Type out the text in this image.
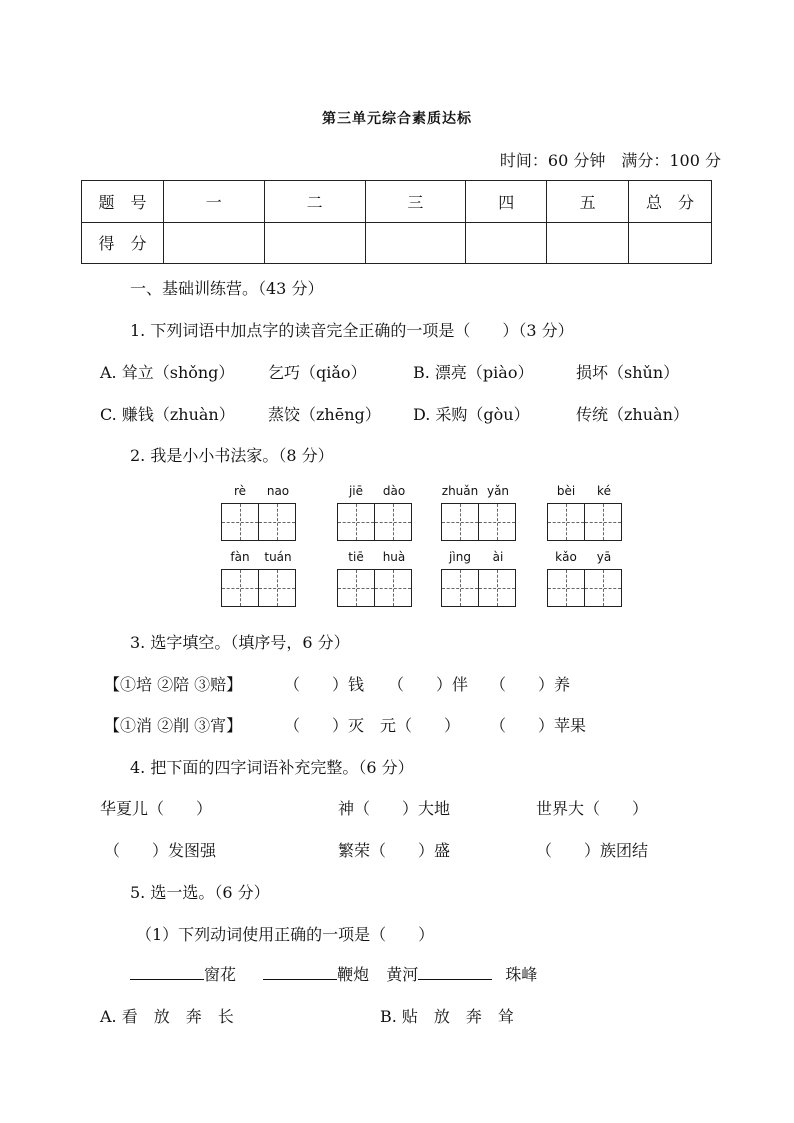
第三单元综合素质达标
时间：60 分钟　满分：100 分
题　号	一	二	三	四	五	总　分
得　分						
一、基础训练营。（43 分）
1. 下列词语中加点字的读音完全正确的一项是（　　）（3 分）
A. 耸立（shǒng） 乞巧（qiǎo）	B. 漂亮（piào）	损坏（shǔn）
C. 赚钱（zhuàn） 蒸饺（zhēng） D. 采购（gòu）	传统（zhuàn）
2. 我是小小书法家。（8 分）
rè	nao	jiē	dào	zhuǎn yǎn	bèi	ké
fàn	tuán	tiē	huà	jìng	ài	kǎo	yā
3. 选字填空。（填序号，6 分）
【①培 ②陪 ③赔】	（　　）钱 （　　）伴 （　　）养
【①消 ②削 ③宵】	（　　）灭 元（　　） （　　）苹果
4. 把下面的四字词语补充完整。（6 分）
华夏儿（　　）	神（　　）大地	世界大（　　）
（　　）发图强	繁荣（　　）盛	（　　）族团结
5. 选一选。（6 分）
（1）下列动词使用正确的一项是（　　）
窗花	鞭炮 黄河	珠峰
A. 看　放　奔　长	B. 贴　放　奔　耸
